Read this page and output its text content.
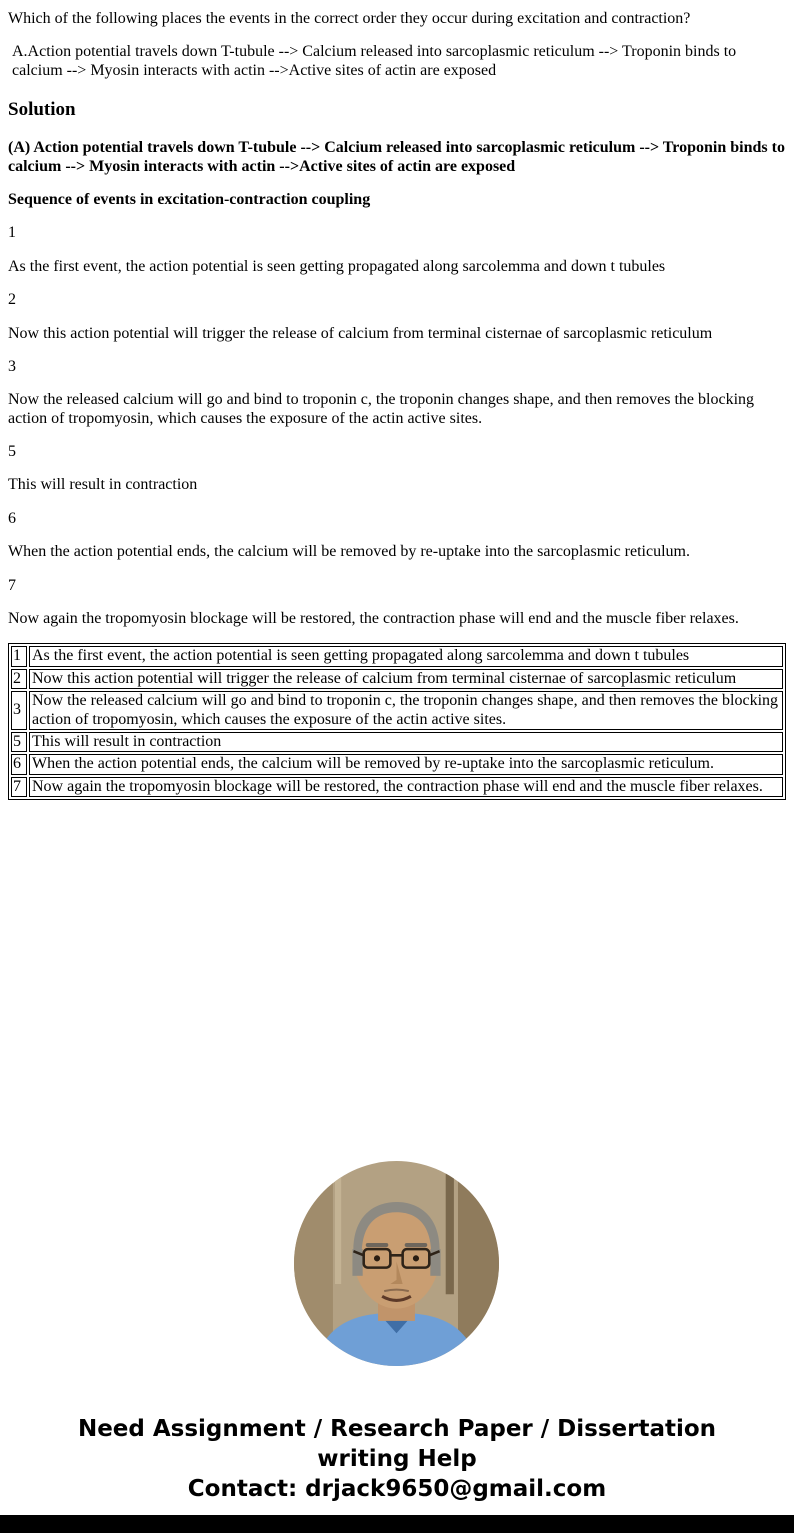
Which of the following places the events in the correct order they occur during excitation and contraction?

A.Action potential travels down T-tubule --> Calcium released into sarcoplasmic reticulum --> Troponin binds to calcium --> Myosin interacts with actin -->Active sites of actin are exposed

Solution

(A) Action potential travels down T-tubule --> Calcium released into sarcoplasmic reticulum --> Troponin binds to calcium --> Myosin interacts with actin -->Active sites of actin are exposed

Sequence of events in excitation-contraction coupling

1

As the first event, the action potential is seen getting propagated along sarcolemma and down t tubules

2

Now this action potential will trigger the release of calcium from terminal cisternae of sarcoplasmic reticulum

3

Now the released calcium will go and bind to troponin c, the troponin changes shape, and then removes the blocking action of tropomyosin, which causes the exposure of the actin active sites.

5

This will result in contraction

6

When the action potential ends, the calcium will be removed by re-uptake into the sarcoplasmic reticulum.

7

Now again the tropomyosin blockage will be restored, the contraction phase will end and the muscle fiber relaxes.

1	As the first event, the action potential is seen getting propagated along sarcolemma and down t tubules
2	Now this action potential will trigger the release of calcium from terminal cisternae of sarcoplasmic reticulum
3	Now the released calcium will go and bind to troponin c, the troponin changes shape, and then removes the blocking action of tropomyosin, which causes the exposure of the actin active sites.
5	This will result in contraction
6	When the action potential ends, the calcium will be removed by re-uptake into the sarcoplasmic reticulum.
7	Now again the tropomyosin blockage will be restored, the contraction phase will end and the muscle fiber relaxes.
Need Assignment / Research Paper / Dissertation
writing Help
Contact: drjack9650@gmail.com
